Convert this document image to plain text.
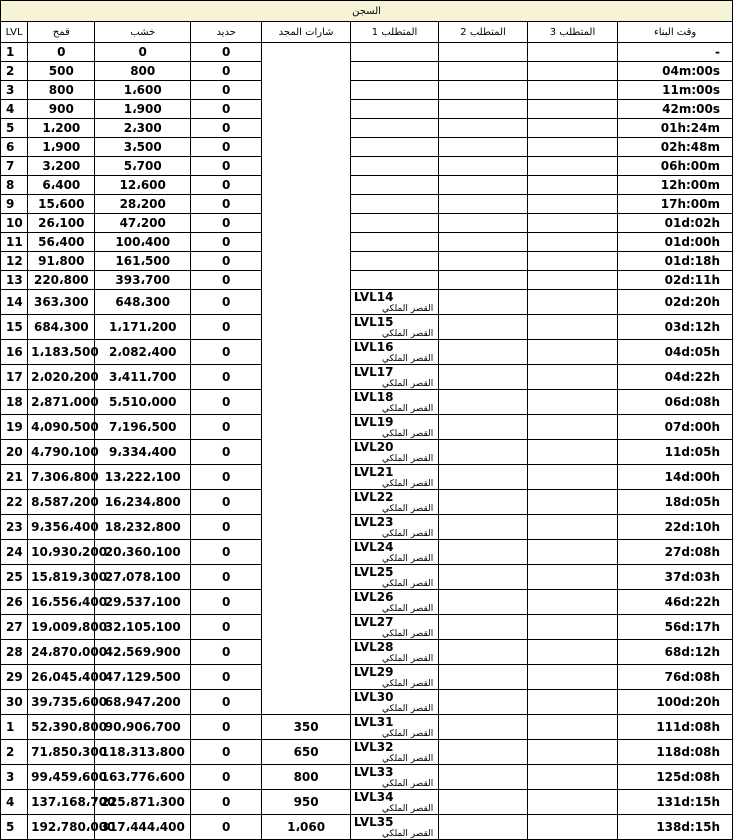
السجن								
LVL	قمح	خشب	حديد	شارات المجد	المتطلب 1	المتطلب 2	المتطلب 3	وقت البناء
1	0	0	0					-
2	500	800	0					04m:00s
3	800	1،600	0					11m:00s
4	900	1،900	0					42m:00s
5	1،200	2،300	0					01h:24m
6	1،900	3،500	0					02h:48m
7	3،200	5،700	0					06h:00m
8	6،400	12،600	0					12h:00m
9	15،600	28،200	0					17h:00m
10	26،100	47،200	0					01d:02h
11	56،400	100،400	0					01d:00h
12	91،800	161،500	0					01d:18h
13	220،800	393،700	0					02d:11h
14	363،300	648،300	0		LVL14
القصر الملكي			02d:20h
15	684،300	1،171،200	0		LVL15
القصر الملكي			03d:12h
16	1،183،500	2،082،400	0		LVL16
القصر الملكي			04d:05h
17	2،020،200	3،411،700	0		LVL17
القصر الملكي			04d:22h
18	2،871،000	5،510،000	0		LVL18
القصر الملكي			06d:08h
19	4،090،500	7،196،500	0		LVL19
القصر الملكي			07d:00h
20	4،790،100	9،334،400	0		LVL20
القصر الملكي			11d:05h
21	7،306،800	13،222،100	0		LVL21
القصر الملكي			14d:00h
22	8،587،200	16،234،800	0		LVL22
القصر الملكي			18d:05h
23	9،356،400	18،232،800	0		LVL23
القصر الملكي			22d:10h
24	10،930،200	20،360،100	0		LVL24
القصر الملكي			27d:08h
25	15،819،300	27،078،100	0		LVL25
القصر الملكي			37d:03h
26	16،556،400	29،537،100	0		LVL26
القصر الملكي			46d:22h
27	19،009،800	32،105،100	0		LVL27
القصر الملكي			56d:17h
28	24،870،000	42،569،900	0		LVL28
القصر الملكي			68d:12h
29	26،045،400	47،129،500	0		LVL29
القصر الملكي			76d:08h
30	39،735،600	68،947،200	0		LVL30
القصر الملكي			100d:20h
1	52،390،800	90،906،700	0	350	LVL31
القصر الملكي			111d:08h
2	71،850،300	118،313،800	0	650	LVL32
القصر الملكي			118d:08h
3	99،459،600	163،776،600	0	800	LVL33
القصر الملكي			125d:08h
4	137،168،700	225،871،300	0	950	LVL34
القصر الملكي			131d:15h
5	192،780،000	317،444،400	0	1،060	LVL35
القصر الملكي			138d:15h
